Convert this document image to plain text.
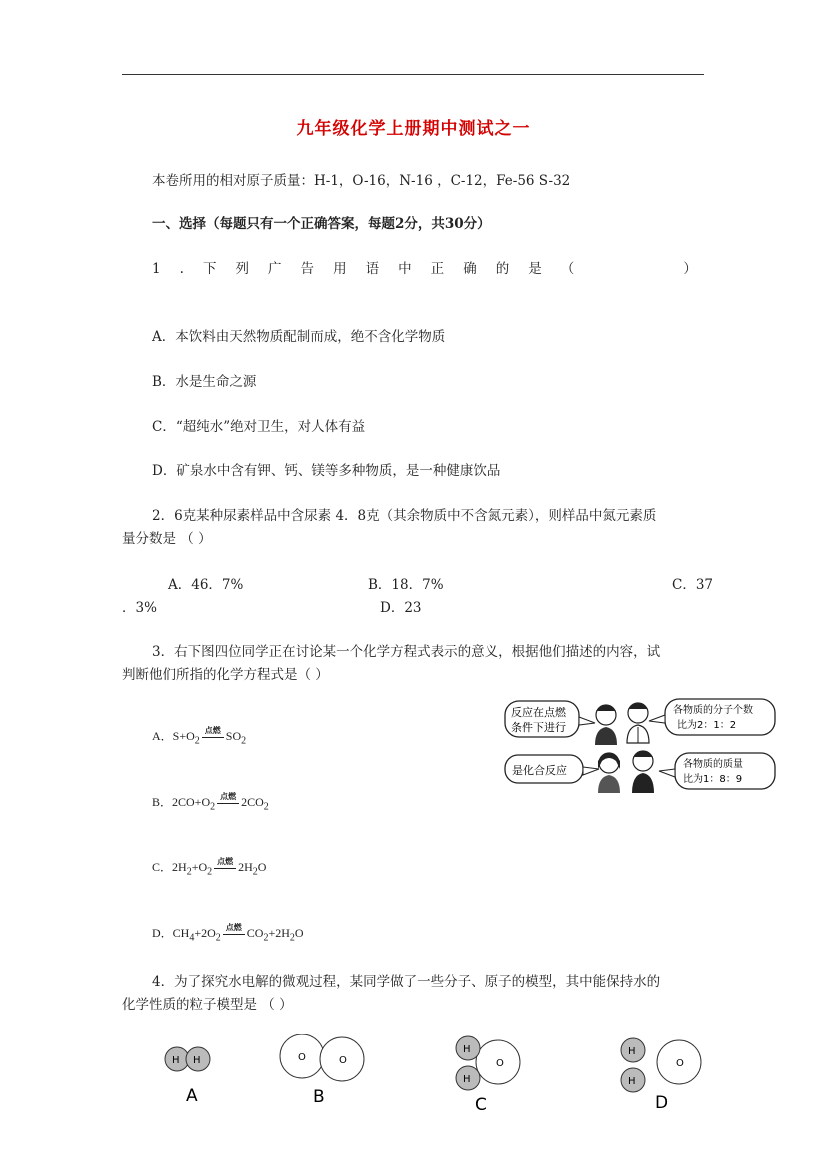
九年级化学上册期中测试之一
本卷所用的相对原子质量：H-1，O-16，N-16 ，C-12，Fe-56 S-32
一、选择（每题只有一个正确答案，每题2分，共30分）
1 . 下 列 广 告 用 语 中 正 确 的 是 （	）
A．本饮料由天然物质配制而成，绝不含化学物质
B．水是生命之源
C．“超纯水”绝对卫生，对人体有益
D．矿泉水中含有钾、钙、镁等多种物质，是一种健康饮品
2．6克某种尿素样品中含尿素 4．8克（其余物质中不含氮元素），则样品中氮元素质
量分数是 （ ）
A．46．7%	B．18．7%	C．37
．3%	D．23
3．右下图四位同学正在讨论某一个化学方程式表示的意义，根据他们描述的内容，试
判断他们所指的化学方程式是（ ）
A．$S+O_2$
点燃 $SO_2$
B．$2CO+O_2$
点燃 $2CO_2$
C．$2H_2+O_2$
点燃 $2H_2O$
D．$CH_4+2O_2$
点燃 $CO_2+2H_2O$
反应在点燃
条件下进行
各物质的分子个数
比为2：1：2
是化合反应	各物质的质量
比为1：8：9
4．为了探究水电解的微观过程，某同学做了一些分子、原子的模型，其中能保持水的
化学性质的粒子模型是 （ ）
H H
A
O	O
B
H
H
O
C
H
H
O
D
